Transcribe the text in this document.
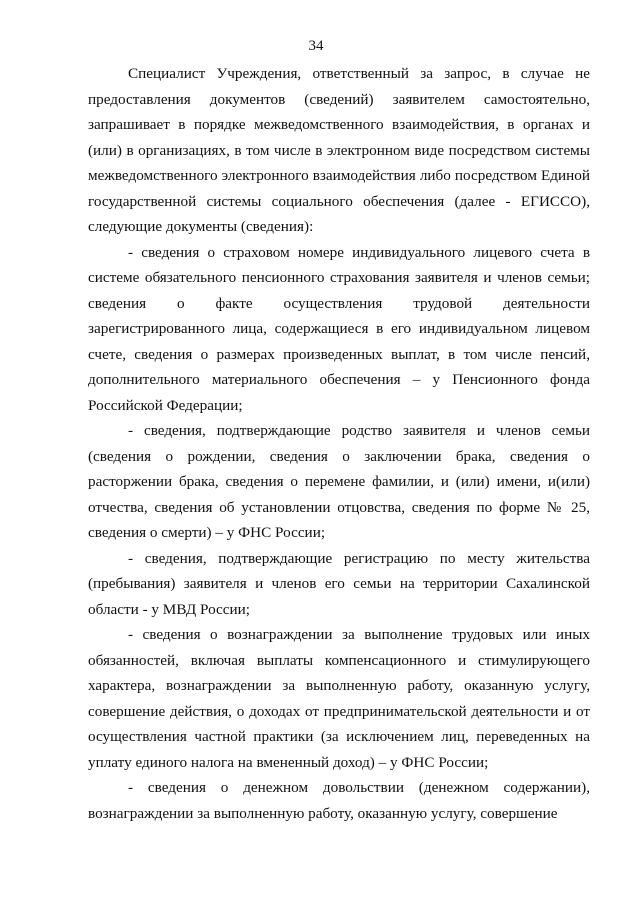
34

Специалист Учреждения, ответственный за запрос, в случае не предоставления документов (сведений) заявителем самостоятельно, запрашивает в порядке межведомственного взаимодействия, в органах и (или) в организациях, в том числе в электронном виде посредством системы межведомственного электронного взаимодействия либо посредством Единой государственной системы социального обеспечения (далее - ЕГИССО), следующие документы (сведения):

- сведения о страховом номере индивидуального лицевого счета в системе обязательного пенсионного страхования заявителя и членов семьи; сведения о факте осуществления трудовой деятельности зарегистрированного лица, содержащиеся в его индивидуальном лицевом счете, сведения о размерах произведенных выплат, в том числе пенсий, дополнительного материального обеспечения – у Пенсионного фонда Российской Федерации;

- сведения, подтверждающие родство заявителя и членов семьи (сведения о рождении, сведения о заключении брака, сведения о расторжении брака, сведения о перемене фамилии, и (или) имени, и(или) отчества, сведения об установлении отцовства, сведения по форме № 25, сведения о смерти) – у ФНС России;

- сведения, подтверждающие регистрацию по месту жительства (пребывания) заявителя и членов его семьи на территории Сахалинской области - у МВД России;

- сведения о вознаграждении за выполнение трудовых или иных обязанностей, включая выплаты компенсационного и стимулирующего характера, вознаграждении за выполненную работу, оказанную услугу, совершение действия, о доходах от предпринимательской деятельности и от осуществления частной практики (за исключением лиц, переведенных на уплату единого налога на вмененный доход) – у ФНС России;

- сведения о денежном довольствии (денежном содержании), вознаграждении за выполненную работу, оказанную услугу, совершение
